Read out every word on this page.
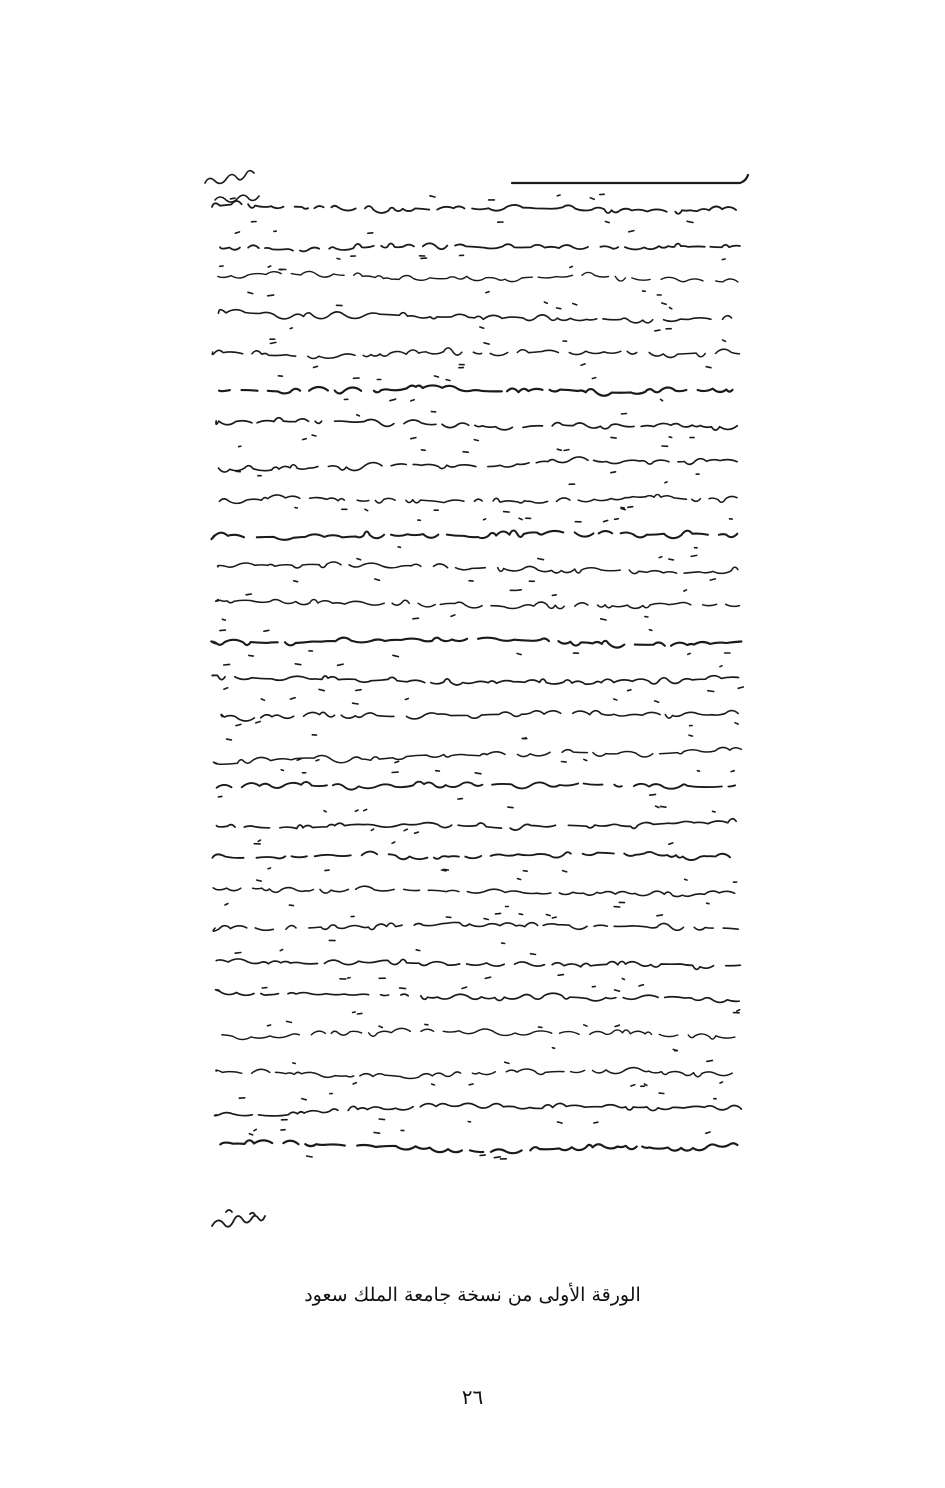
الورقة الأولى من نسخة جامعة الملك سعود
٢٦
